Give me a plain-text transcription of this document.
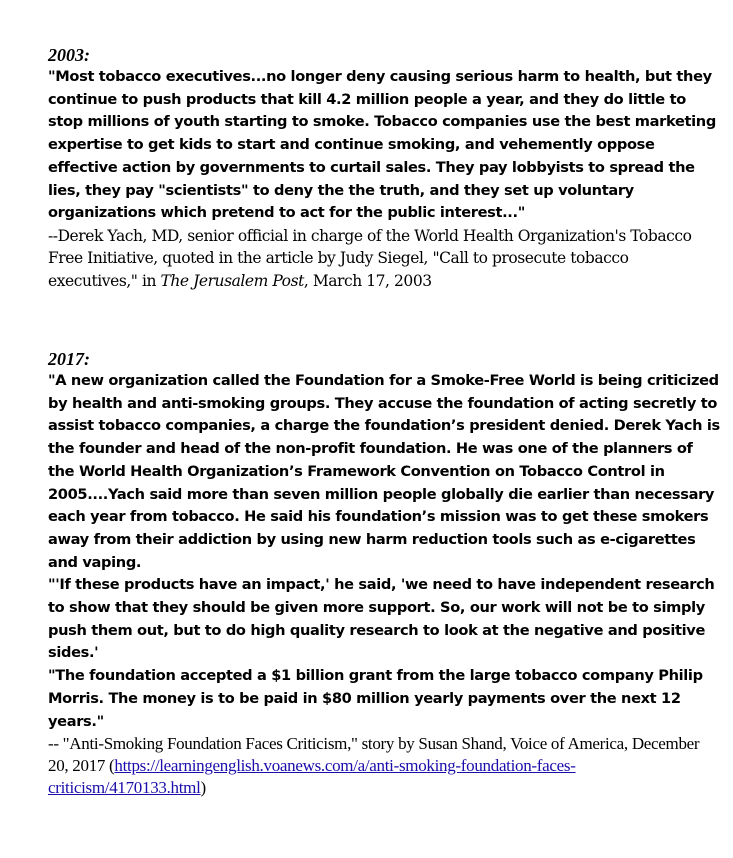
2003:

"Most tobacco executives...no longer deny causing serious harm to health, but they continue to push products that kill 4.2 million people a year, and they do little to stop millions of youth starting to smoke. Tobacco companies use the best marketing expertise to get kids to start and continue smoking, and vehemently oppose effective action by governments to curtail sales. They pay lobbyists to spread the lies, they pay "scientists" to deny the the truth, and they set up voluntary organizations which pretend to act for the public interest..."

--Derek Yach, MD, senior official in charge of the World Health Organization's Tobacco Free Initiative, quoted in the article by Judy Siegel, "Call to prosecute tobacco executives," in The Jerusalem Post, March 17, 2003

2017:

"A new organization called the Foundation for a Smoke-Free World is being criticized by health and anti-smoking groups. They accuse the foundation of acting secretly to assist tobacco companies, a charge the foundation’s president denied. Derek Yach is the founder and head of the non-profit foundation. He was one of the planners of the World Health Organization’s Framework Convention on Tobacco Control in 2005....Yach said more than seven million people globally die earlier than necessary each year from tobacco. He said his foundation’s mission was to get these smokers away from their addiction by using new harm reduction tools such as e-cigarettes and vaping.

"'If these products have an impact,' he said, 'we need to have independent research to show that they should be given more support. So, our work will not be to simply push them out, but to do high quality research to look at the negative and positive sides.'

"The foundation accepted a $1 billion grant from the large tobacco company Philip Morris. The money is to be paid in $80 million yearly payments over the next 12 years."

-- "Anti-Smoking Foundation Faces Criticism," story by Susan Shand, Voice of America, December 20, 2017 (https://learningenglish.voanews.com/a/anti-smoking-foundation-faces-criticism/4170133.html)
